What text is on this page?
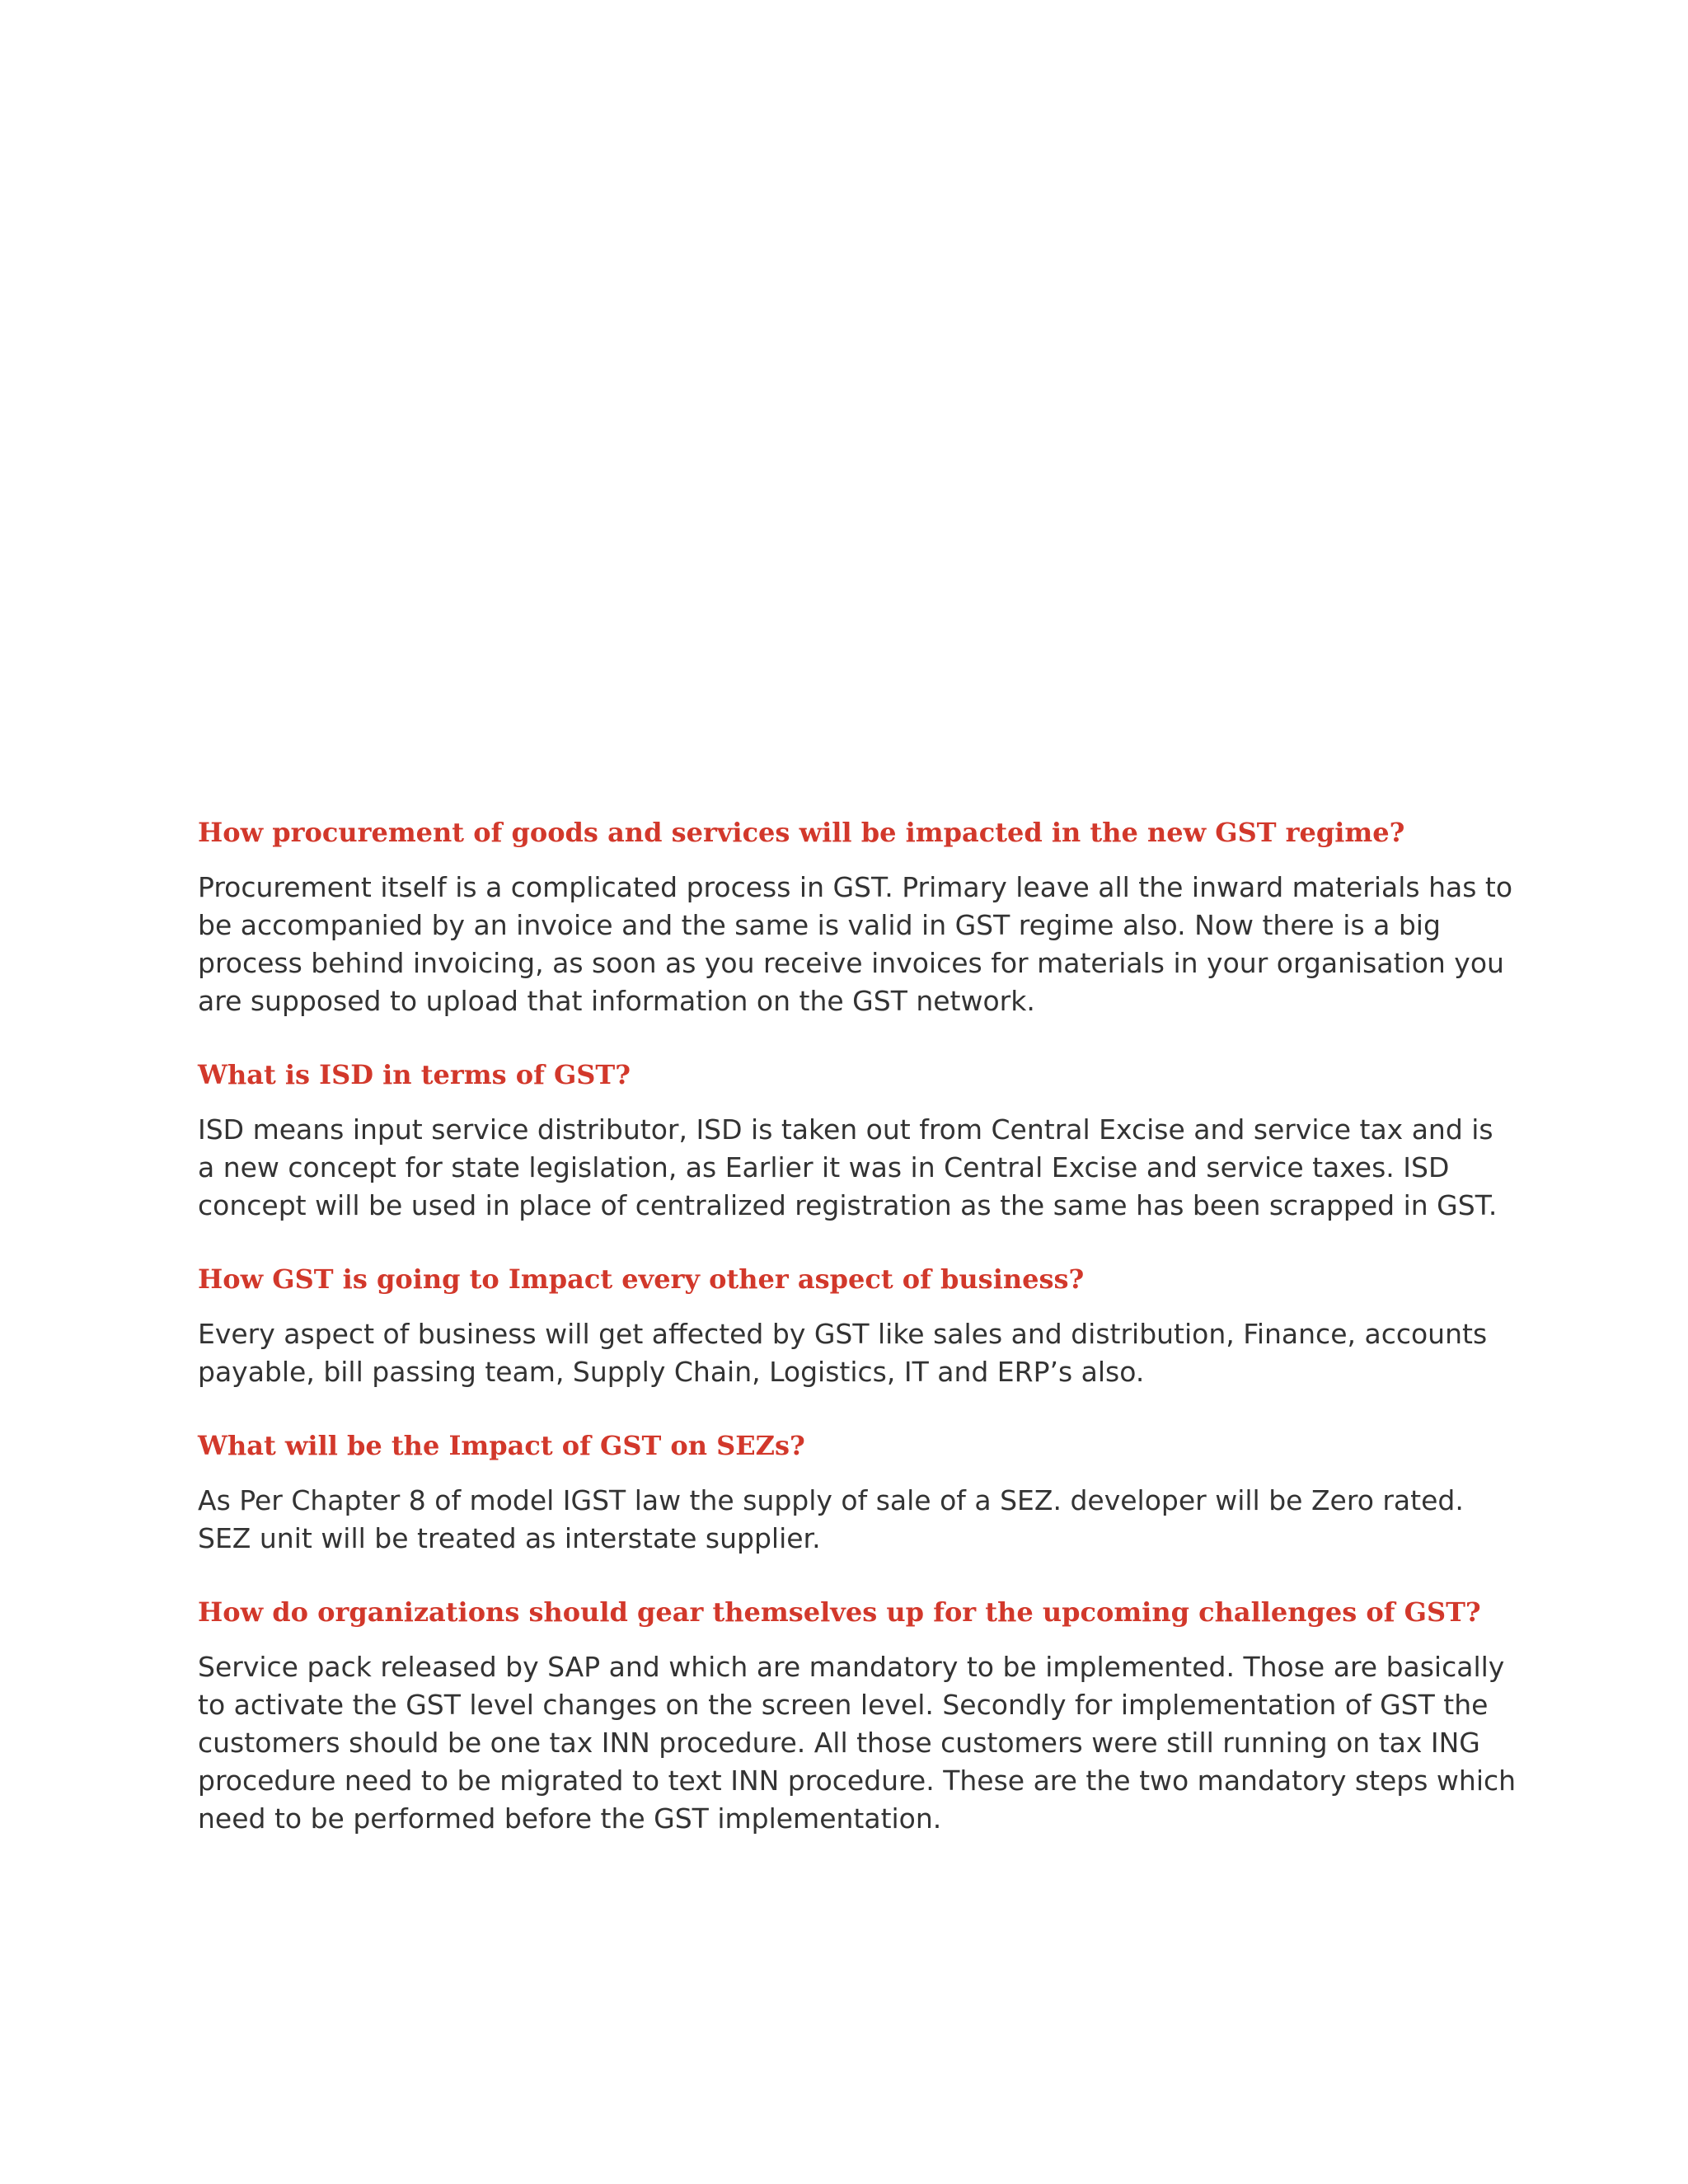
How procurement of goods and services will be impacted in the new GST regime?

Procurement itself is a complicated process in GST. Primary leave all the inward materials has to be accompanied by an invoice and the same is valid in GST regime also. Now there is a big process behind invoicing, as soon as you receive invoices for materials in your organisation you are supposed to upload that information on the GST network.

What is ISD in terms of GST?

ISD means input service distributor, ISD is taken out from Central Excise and service tax and is a new concept for state legislation, as Earlier it was in Central Excise and service taxes. ISD concept will be used in place of centralized registration as the same has been scrapped in GST.

How GST is going to Impact every other aspect of business?

Every aspect of business will get affected by GST like sales and distribution, Finance, accounts payable, bill passing team, Supply Chain, Logistics, IT and ERP’s also.

What will be the Impact of GST on SEZs?

As Per Chapter 8 of model IGST law the supply of sale of a SEZ. developer will be Zero rated. SEZ unit will be treated as interstate supplier.

How do organizations should gear themselves up for the upcoming challenges of GST?

Service pack released by SAP and which are mandatory to be implemented. Those are basically to activate the GST level changes on the screen level. Secondly for implementation of GST the customers should be one tax INN procedure. All those customers were still running on tax ING procedure need to be migrated to text INN procedure. These are the two mandatory steps which need to be performed before the GST implementation.
